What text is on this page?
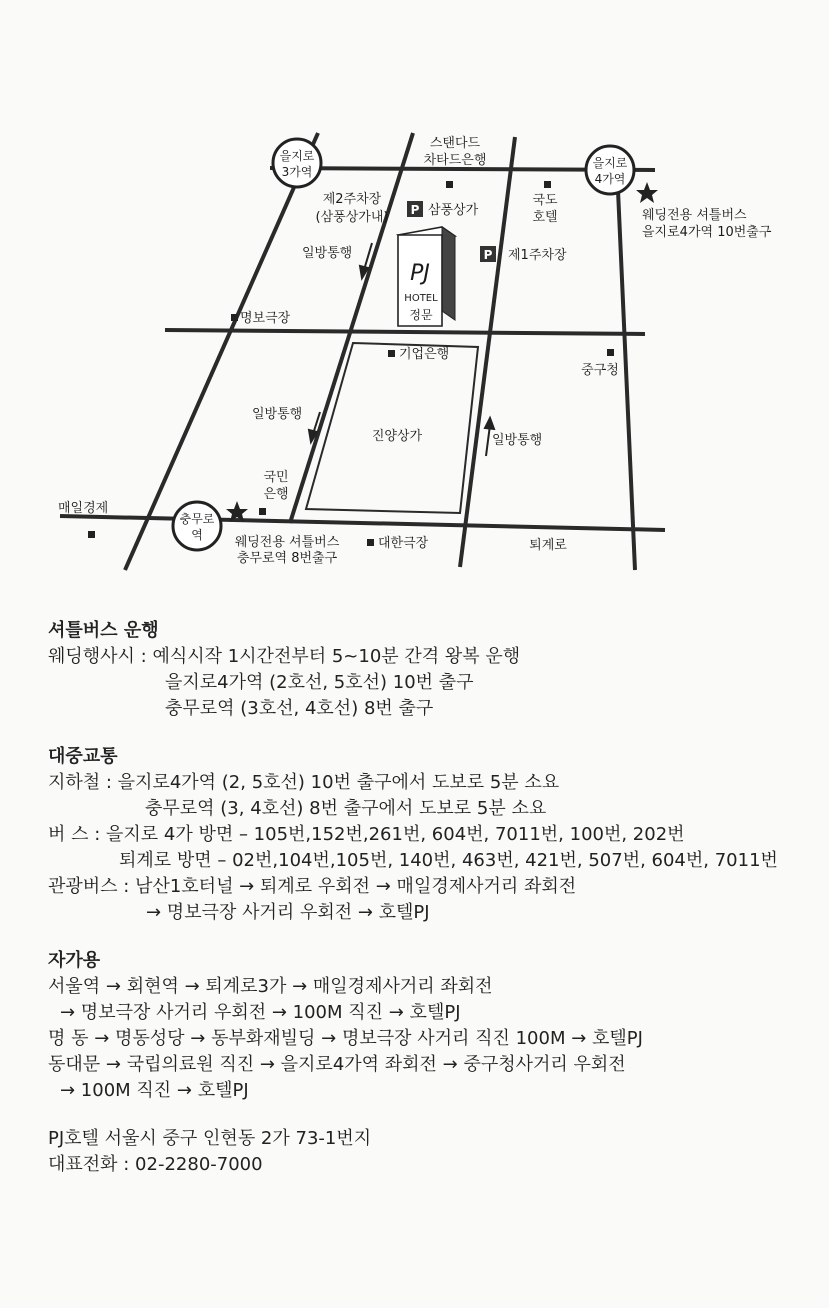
PJ
HOTEL
정문
을지로
3가역
을지로
4가역
충무로
역
P
P
스탠다드
차타드은행
제2주차장
(삼풍상가내)	삼풍상가
국도
호텔
제1주차장
웨딩전용 셔틀버스
을지로4가역 10번출구
일방통행
명보극장
기업은행
중구청
일방통행
진양상가	일방통행
국민
은행
매일경제
웨딩전용 셔틀버스
충무로역 8번출구
대한극장	퇴계로

셔틀버스 운행

웨딩행사시 : 예식시작 1시간전부터 5~10분 간격 왕복 운행

을지로4가역 (2호선, 5호선) 10번 출구

충무로역 (3호선, 4호선) 8번 출구

대중교통

지하철 : 을지로4가역 (2, 5호선) 10번 출구에서 도보로 5분 소요

충무로역 (3, 4호선) 8번 출구에서 도보로 5분 소요

버 스 : 을지로 4가 방면 – 105번,152번,261번, 604번, 7011번, 100번, 202번

퇴계로 방면 – 02번,104번,105번, 140번, 463번, 421번, 507번, 604번, 7011번

관광버스 : 남산1호터널 → 퇴계로 우회전 → 매일경제사거리 좌회전

→ 명보극장 사거리 우회전 → 호텔PJ

자가용

서울역 → 회현역 → 퇴계로3가 → 매일경제사거리 좌회전

→ 명보극장 사거리 우회전 → 100M 직진 → 호텔PJ

명 동 → 명동성당 → 동부화재빌딩 → 명보극장 사거리 직진 100M → 호텔PJ

동대문 → 국립의료원 직진 → 을지로4가역 좌회전 → 중구청사거리 우회전

→ 100M 직진 → 호텔PJ

PJ호텔 서울시 중구 인현동 2가 73-1번지

대표전화 : 02-2280-7000
